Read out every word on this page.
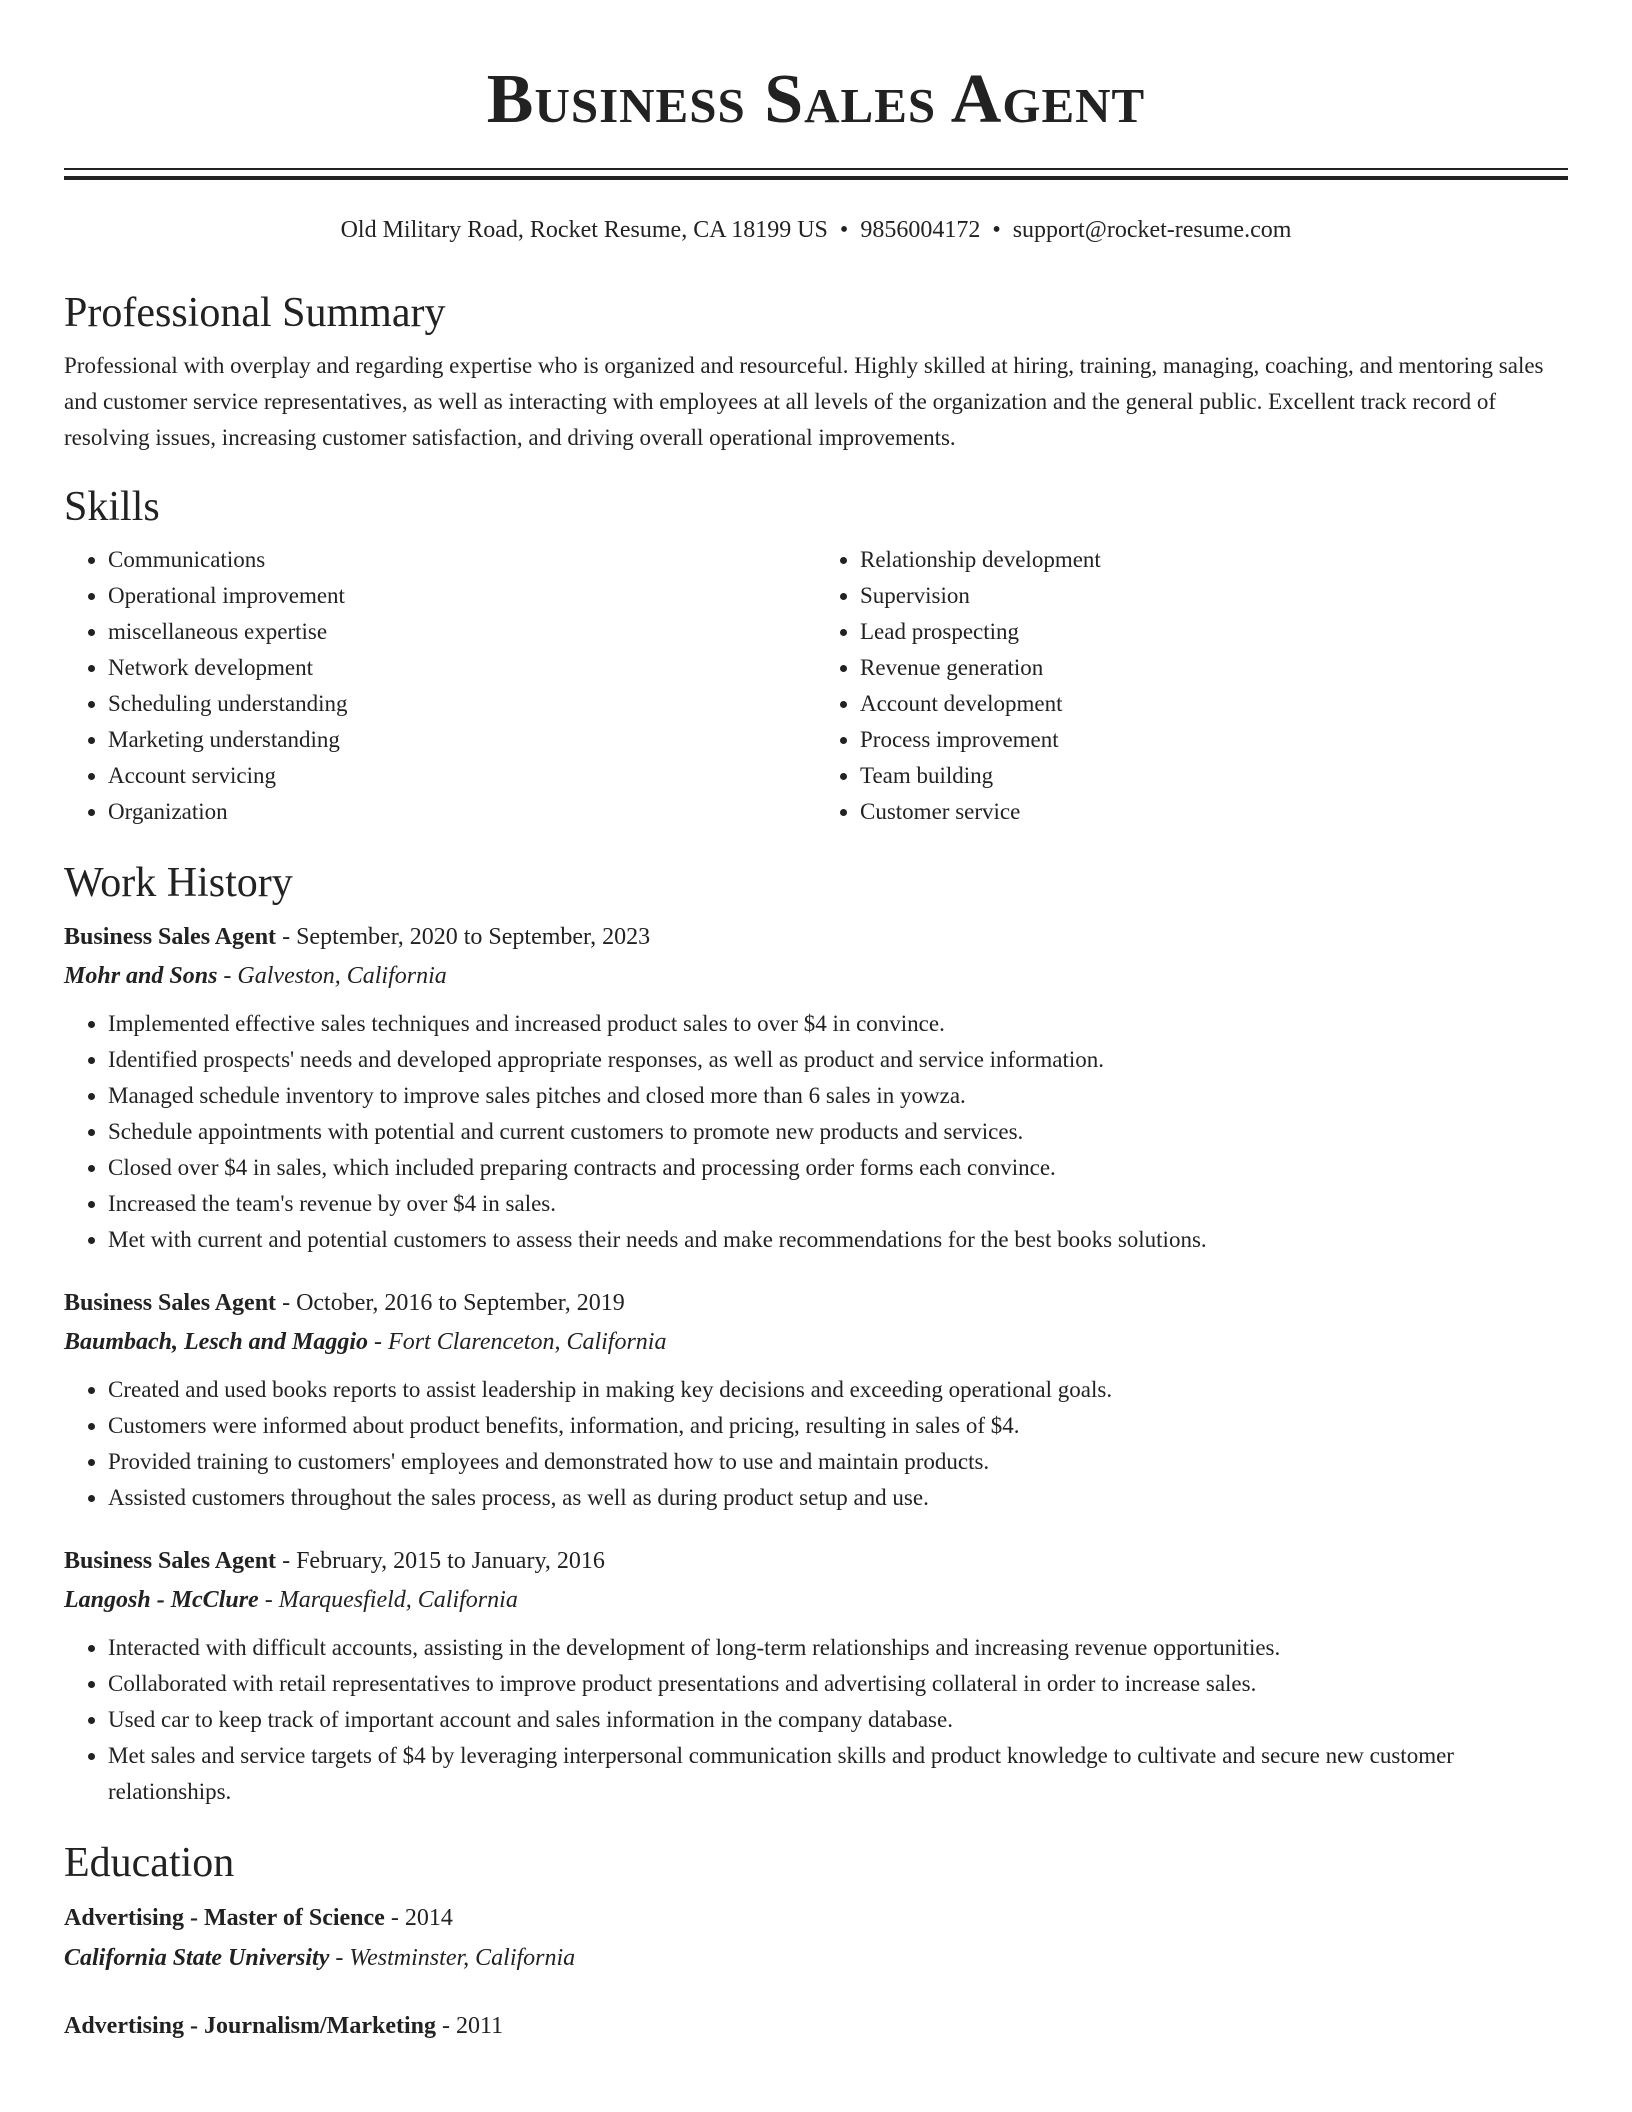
Business Sales Agent
Old Military Road, Rocket Resume, CA 18199 US • 9856004172 • support@rocket-resume.com
Professional Summary

Professional with overplay and regarding expertise who is organized and resourceful. Highly skilled at hiring, training, managing, coaching, and mentoring sales and customer service representatives, as well as interacting with employees at all levels of the organization and the general public. Excellent track record of resolving issues, increasing customer satisfaction, and driving overall operational improvements.

Skills
• Communications
• Operational improvement
• miscellaneous expertise
• Network development
• Scheduling understanding
• Marketing understanding
• Account servicing
• Organization
• Relationship development
• Supervision
• Lead prospecting
• Revenue generation
• Account development
• Process improvement
• Team building
• Customer service
Work History
Business Sales Agent - September, 2020 to September, 2023
Mohr and Sons - Galveston, California
• Implemented effective sales techniques and increased product sales to over $4 in convince.
• Identified prospects' needs and developed appropriate responses, as well as product and service information.
• Managed schedule inventory to improve sales pitches and closed more than 6 sales in yowza.
• Schedule appointments with potential and current customers to promote new products and services.
• Closed over $4 in sales, which included preparing contracts and processing order forms each convince.
• Increased the team's revenue by over $4 in sales.
• Met with current and potential customers to assess their needs and make recommendations for the best books solutions.
Business Sales Agent - October, 2016 to September, 2019
Baumbach, Lesch and Maggio - Fort Clarenceton, California
• Created and used books reports to assist leadership in making key decisions and exceeding operational goals.
• Customers were informed about product benefits, information, and pricing, resulting in sales of $4.
• Provided training to customers' employees and demonstrated how to use and maintain products.
• Assisted customers throughout the sales process, as well as during product setup and use.
Business Sales Agent - February, 2015 to January, 2016
Langosh - McClure - Marquesfield, California
• Interacted with difficult accounts, assisting in the development of long-term relationships and increasing revenue opportunities.
• Collaborated with retail representatives to improve product presentations and advertising collateral in order to increase sales.
• Used car to keep track of important account and sales information in the company database.
• Met sales and service targets of $4 by leveraging interpersonal communication skills and product knowledge to cultivate and secure new customer relationships.
Education
Advertising - Master of Science - 2014
California State University - Westminster, California
Advertising - Journalism/Marketing - 2011
